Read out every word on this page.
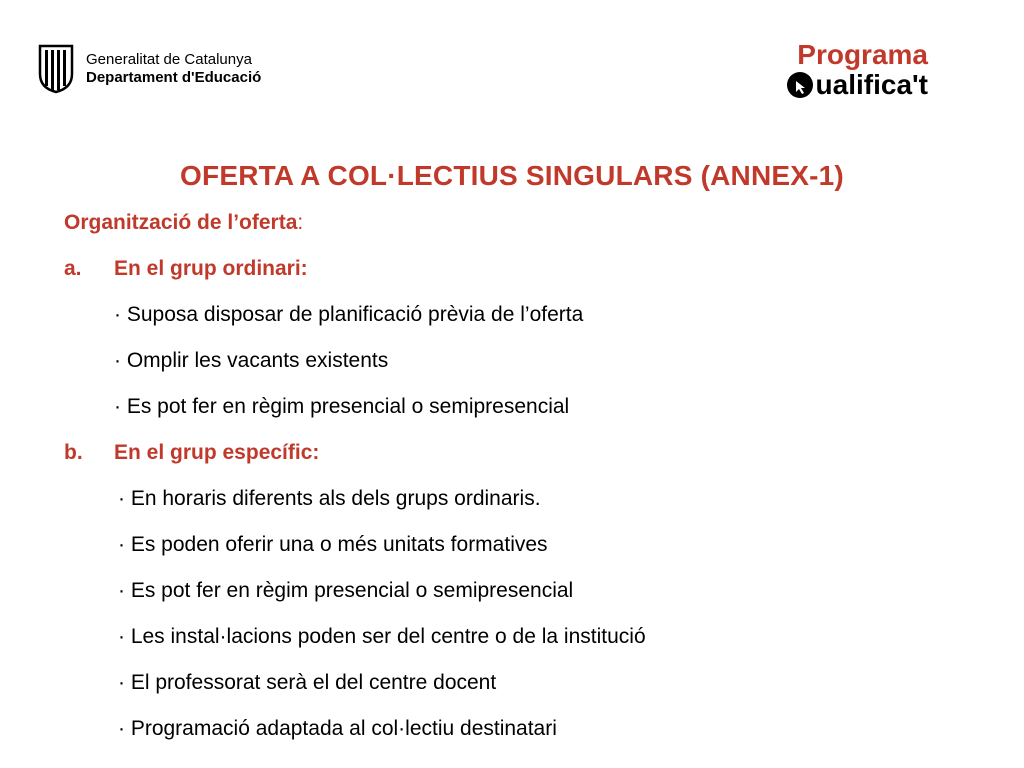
Generalitat de Catalunya
Departament d'Educació
Programa
ualifica't
OFERTA A COL·LECTIUS SINGULARS (ANNEX-1)
Organització de l’oferta:
a. En el grup ordinari:
· Suposa disposar de planificació prèvia de l’oferta
· Omplir les vacants existents
· Es pot fer en règim presencial o semipresencial
b. En el grup específic:
· En horaris diferents als dels grups ordinaris.
· Es poden oferir una o més unitats formatives
· Es pot fer en règim presencial o semipresencial
· Les instal·lacions poden ser del centre o de la institució
· El professorat serà el del centre docent
· Programació adaptada al col·lectiu destinatari
